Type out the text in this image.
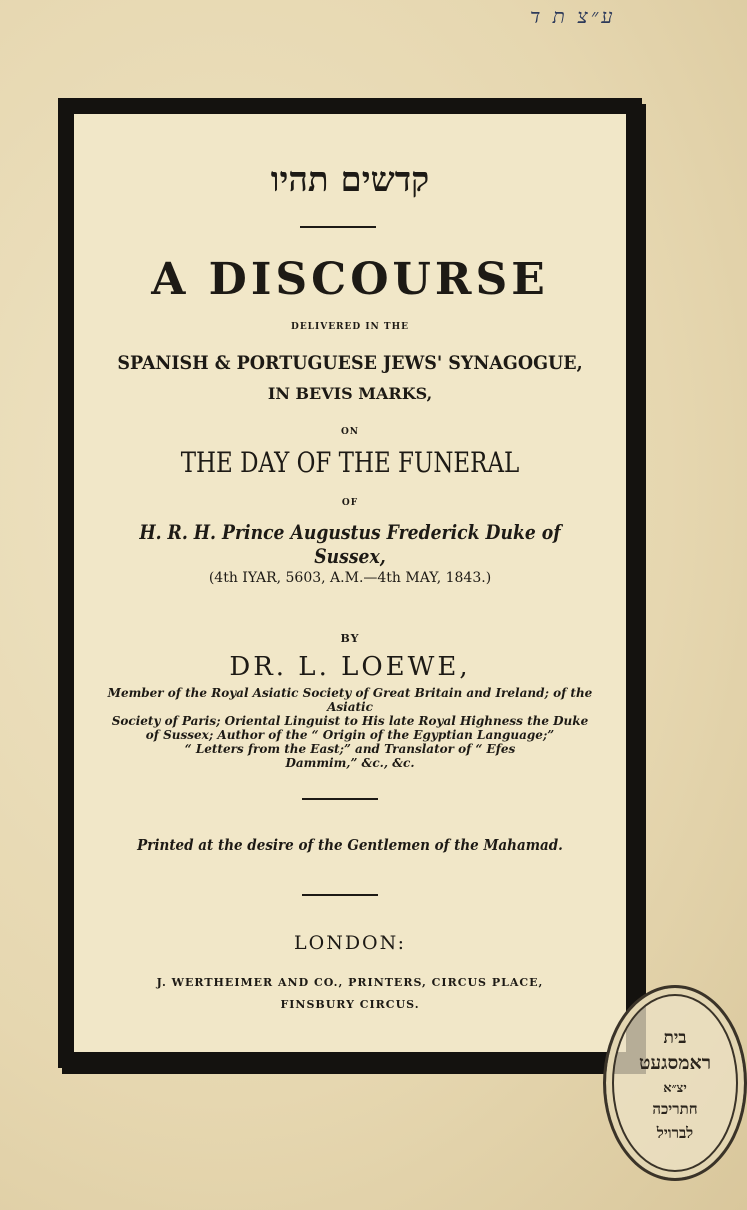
ע״צ ת ד
קדשים תהיו
A DISCOURSE
DELIVERED IN THE
SPANISH & PORTUGUESE JEWS' SYNAGOGUE,
IN BEVIS MARKS,
ON
THE DAY OF THE FUNERAL
OF
H. R. H. Prince Augustus Frederick Duke of Sussex,
(4th IYAR, 5603, A.M.—4th MAY, 1843.)
BY
DR. L. LOEWE,
Member of the Royal Asiatic Society of Great Britain and Ireland; of the Asiatic
Society of Paris; Oriental Linguist to His late Royal Highness the Duke
of Sussex; Author of the “ Origin of the Egyptian Language;”
“ Letters from the East;” and Translator of “ Efes
Dammim,” &c., &c.
Printed at the desire of the Gentlemen of the Mahamad.
LONDON:
J. WERTHEIMER AND CO., PRINTERS, CIRCUS PLACE,
FINSBURY CIRCUS.
בית
ראמסגעט
יצ״א
חתריכה
לברויל
